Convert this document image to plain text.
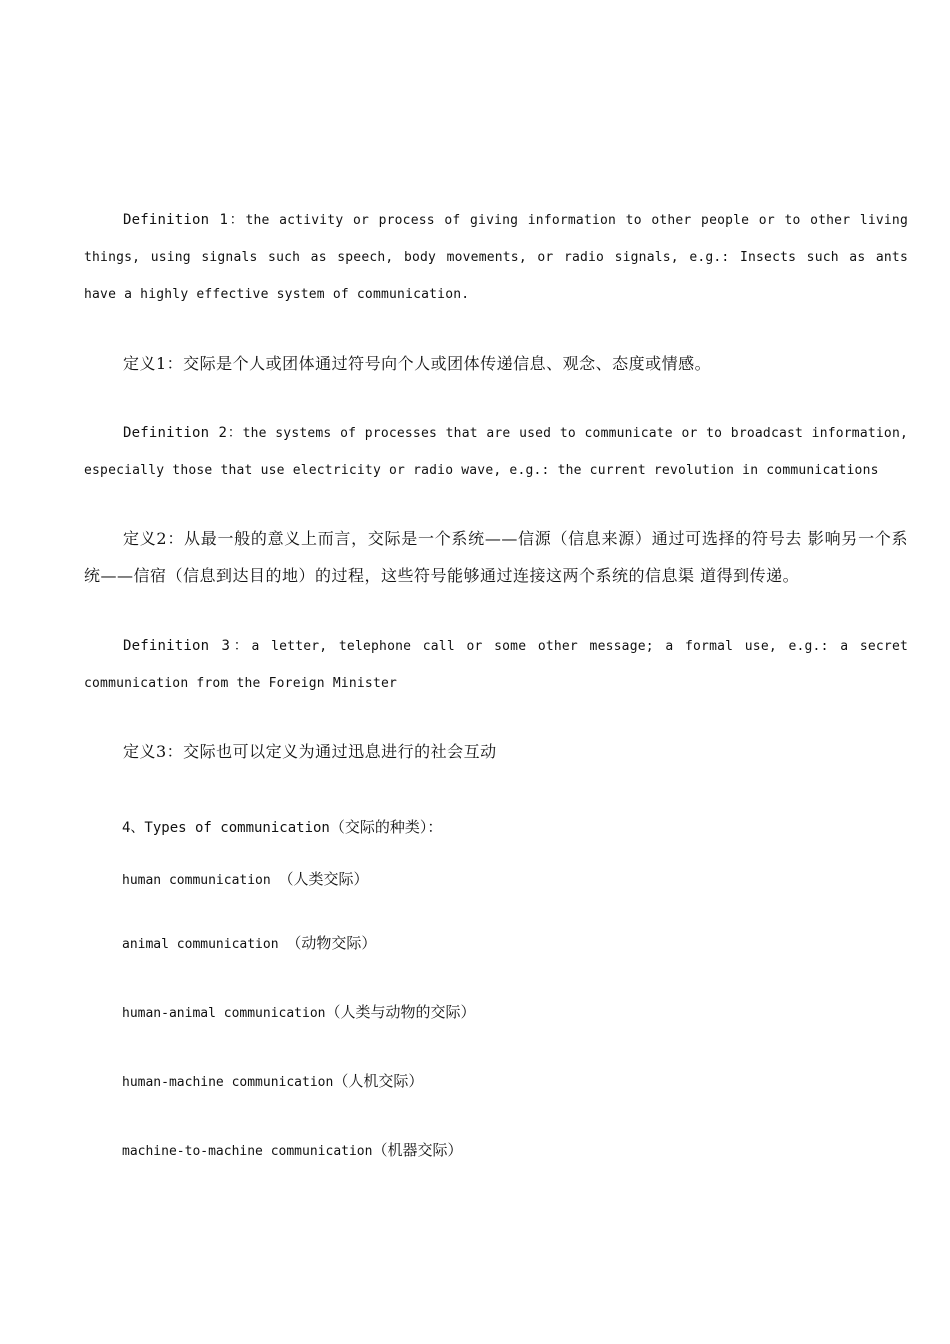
Definition 1：the activity or process of giving information to other people or to other living things, using signals such as speech, body movements, or radio signals, e.g.: Insects such as ants have a highly effective system of communication.

定义1：交际是个人或团体通过符号向个人或团体传递信息、观念、态度或情感。

Definition 2：the systems of processes that are used to communicate or to broadcast information, especially those that use electricity or radio wave, e.g.: the current revolution in communications

定义2：从最一般的意义上而言，交际是一个系统——信源（信息来源）通过可选择的符号去 影响另一个系统——信宿（信息到达目的地）的过程，这些符号能够通过连接这两个系统的信息渠 道得到传递。

Definition 3：a letter, telephone call or some other message; a formal use, e.g.: a secret communication from the Foreign Minister

定义3：交际也可以定义为通过迅息进行的社会互动

4、Types of communication（交际的种类）：

human communication （人类交际）

animal communication （动物交际）

human-animal communication（人类与动物的交际）

human-machine communication（人机交际）

machine-to-machine communication（机器交际）
